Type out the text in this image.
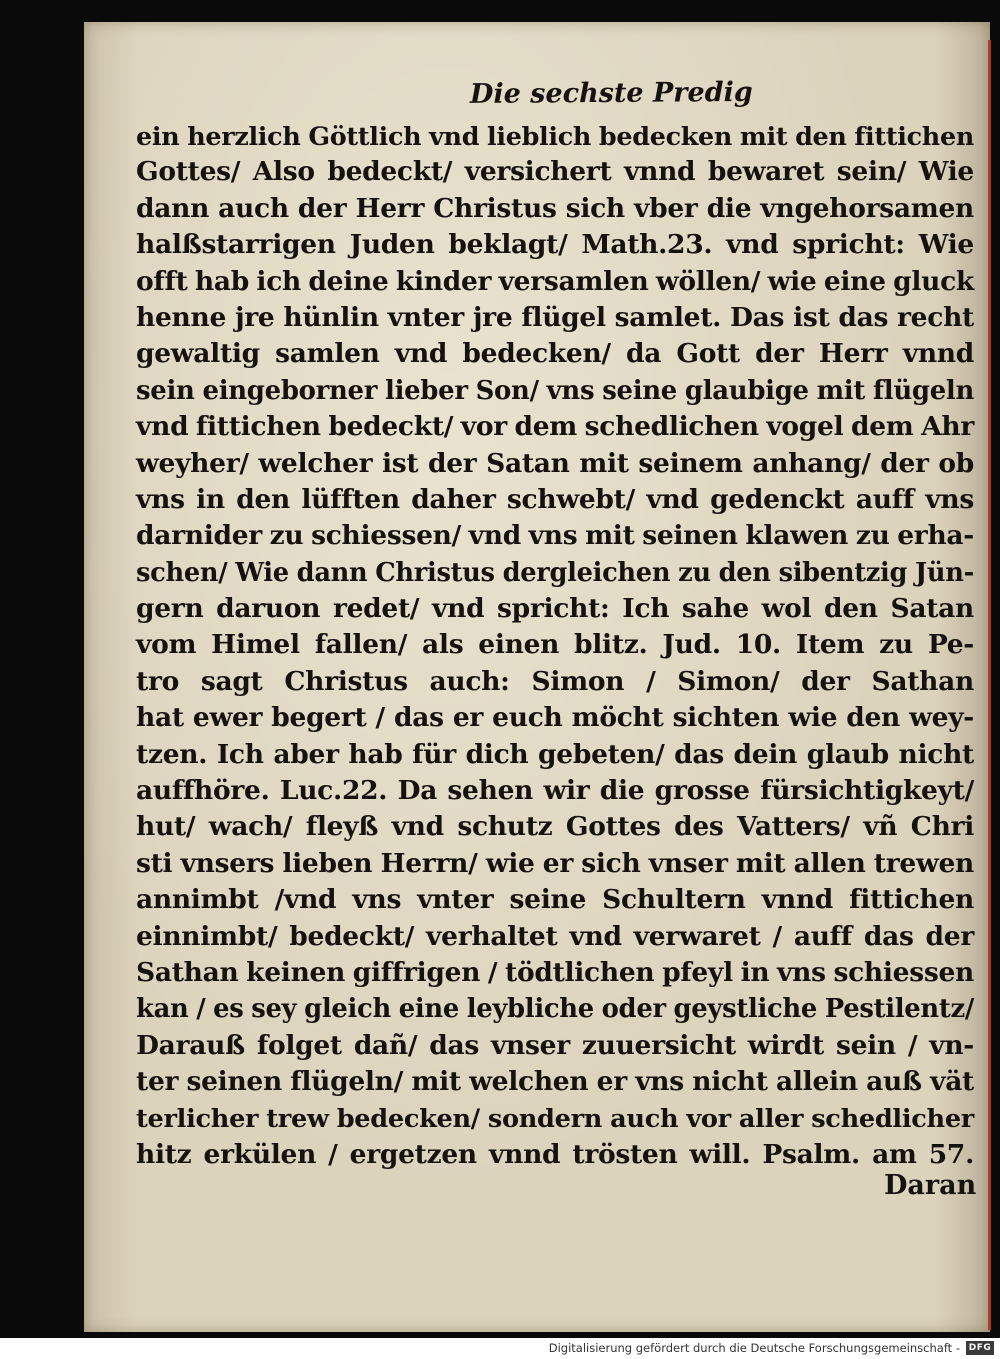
Die sechste Predig
ein herzlich Göttlich vnd lieblich bedecken mit den fittichen
Gottes/ Also bedeckt/ versichert vnnd bewaret sein/ Wie
dann auch der Herr Christus sich vber die vngehorsamen
halßstarrigen Juden beklagt/ Math.23. vnd spricht: Wie
offt hab ich deine kinder versamlen wöllen/ wie eine gluck
henne jre hünlin vnter jre flügel samlet. Das ist das recht
gewaltig samlen vnd bedecken/ da Gott der Herr vnnd
sein eingeborner lieber Son/ vns seine glaubige mit flügeln
vnd fittichen bedeckt/ vor dem schedlichen vogel dem Ahr
weyher/ welcher ist der Satan mit seinem anhang/ der ob
vns in den lüfften daher schwebt/ vnd gedenckt auff vns
darnider zu schiessen/ vnd vns mit seinen klawen zu erha-
schen/ Wie dann Christus dergleichen zu den sibentzig Jün-
gern daruon redet/ vnd spricht: Ich sahe wol den Satan
vom Himel fallen/ als einen blitz. Jud. 10. Item zu Pe-
tro sagt Christus auch: Simon / Simon/ der Sathan
hat ewer begert / das er euch möcht sichten wie den wey-
tzen. Ich aber hab für dich gebeten/ das dein glaub nicht
auffhöre. Luc.22. Da sehen wir die grosse fürsichtigkeyt/
hut/ wach/ fleyß vnd schutz Gottes des Vatters/ vñ Chri
sti vnsers lieben Herrn/ wie er sich vnser mit allen trewen
annimbt /vnd vns vnter seine Schultern vnnd fittichen
einnimbt/ bedeckt/ verhaltet vnd verwaret / auff das der
Sathan keinen giffrigen / tödtlichen pfeyl in vns schiessen
kan / es sey gleich eine leybliche oder geystliche Pestilentz/
Darauß folget dañ/ das vnser zuuersicht wirdt sein / vn-
ter seinen flügeln/ mit welchen er vns nicht allein auß vät
terlicher trew bedecken/ sondern auch vor aller schedlicher
hitz erkülen / ergetzen vnnd trösten will. Psalm. am 57.
Daran
Digitalisierung gefördert durch die Deutsche Forschungsgemeinschaft - DFG
